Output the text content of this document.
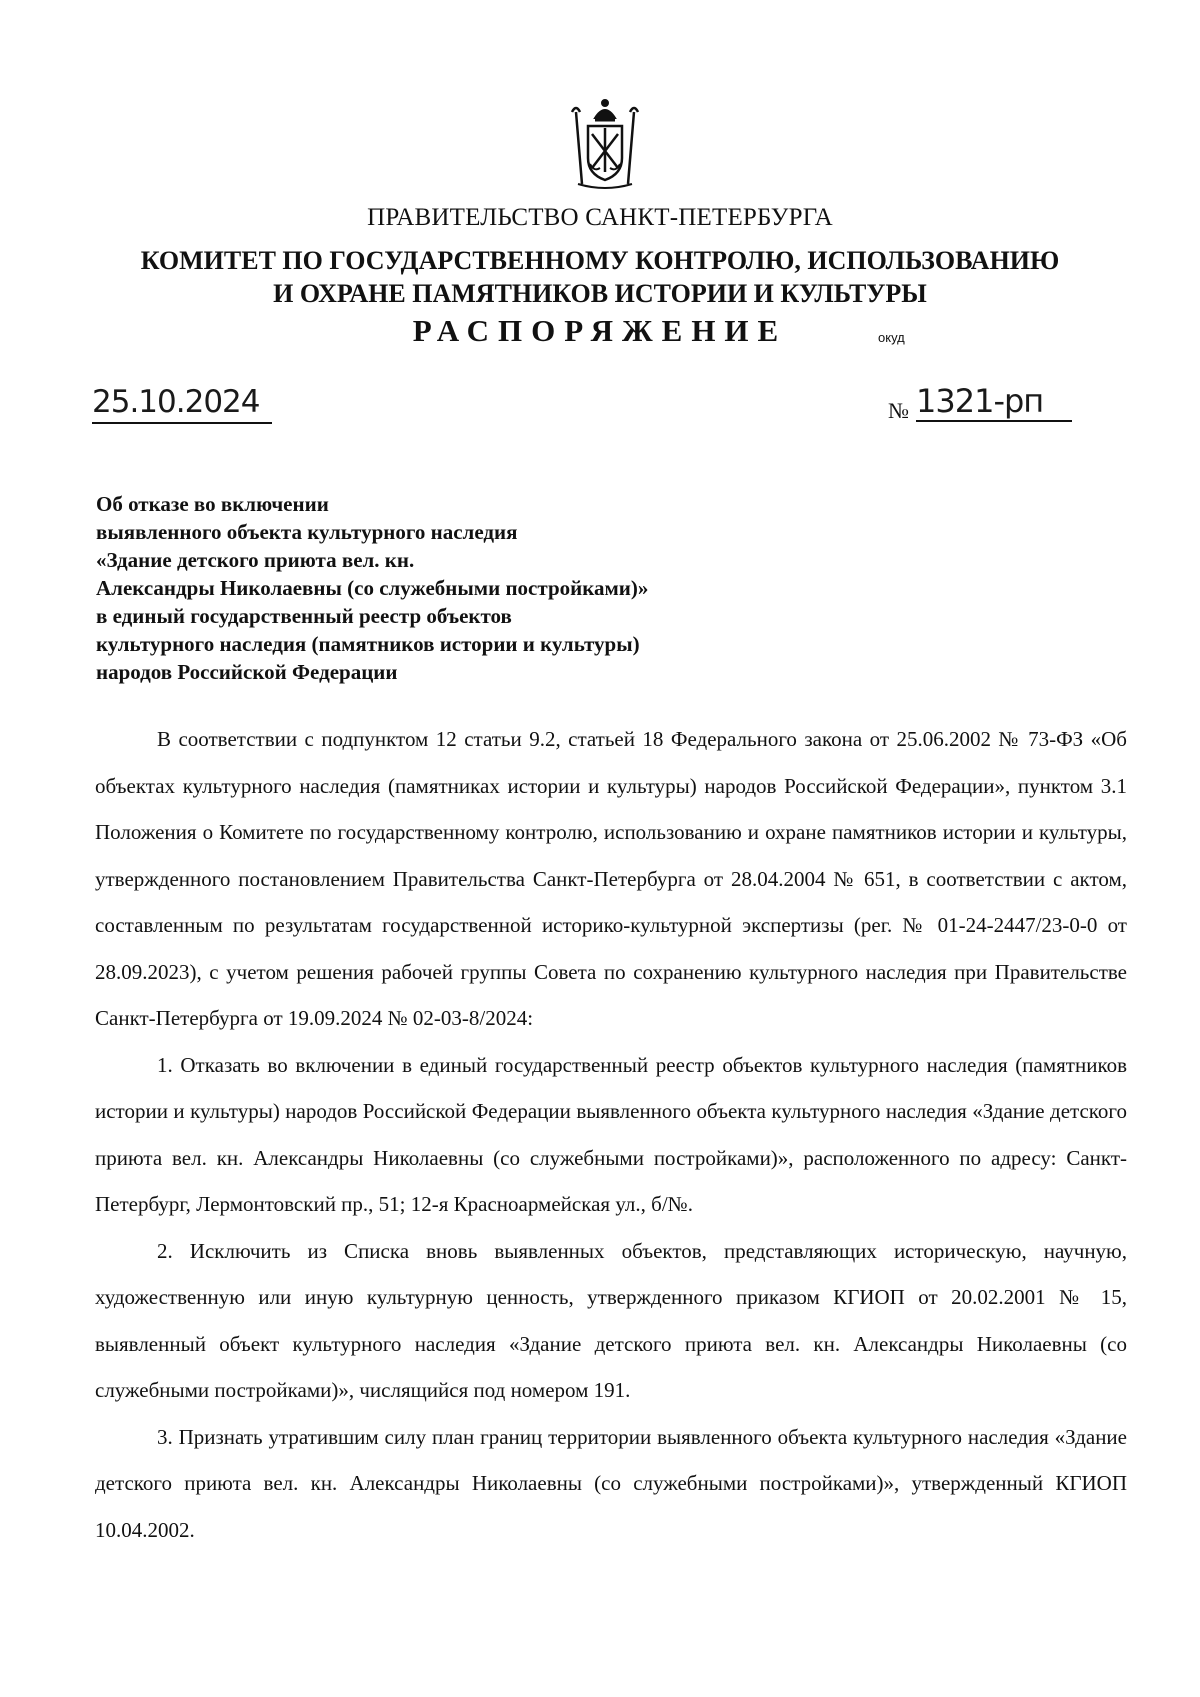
ПРАВИТЕЛЬСТВО САНКТ-ПЕТЕРБУРГА
КОМИТЕТ ПО ГОСУДАРСТВЕННОМУ КОНТРОЛЮ, ИСПОЛЬЗОВАНИЮ
И ОХРАНЕ ПАМЯТНИКОВ ИСТОРИИ И КУЛЬТУРЫ
РАСПОРЯЖЕНИЕ	окуд
25.10.2024	№ 1321-рп
Об отказе во включении
выявленного объекта культурного наследия
«Здание детского приюта вел. кн.
Александры Николаевны (со служебными постройками)»
в единый государственный реестр объектов
культурного наследия (памятников истории и культуры)
народов Российской Федерации

В соответствии с подпунктом 12 статьи 9.2, статьей 18 Федерального закона от 25.06.2002 № 73-ФЗ «Об объектах культурного наследия (памятниках истории и культуры) народов Российской Федерации», пунктом 3.1 Положения о Комитете по государственному контролю, использованию и охране памятников истории и культуры, утвержденного постановлением Правительства Санкт-Петербурга от 28.04.2004 № 651, в соответствии с актом, составленным по результатам государственной историко-культурной экспертизы (рег. № 01-24-2447/23-0-0 от 28.09.2023), с учетом решения рабочей группы Совета по сохранению культурного наследия при Правительстве Санкт-Петербурга от 19.09.2024 № 02-03-8/2024:

1. Отказать во включении в единый государственный реестр объектов культурного наследия (памятников истории и культуры) народов Российской Федерации выявленного объекта культурного наследия «Здание детского приюта вел. кн. Александры Николаевны (со служебными постройками)», расположенного по адресу: Санкт-Петербург, Лермонтовский пр., 51; 12-я Красноармейская ул., б/№.

2. Исключить из Списка вновь выявленных объектов, представляющих историческую, научную, художественную или иную культурную ценность, утвержденного приказом КГИОП от 20.02.2001 № 15, выявленный объект культурного наследия «Здание детского приюта вел. кн. Александры Николаевны (со служебными постройками)», числящийся под номером 191.

3. Признать утратившим силу план границ территории выявленного объекта культурного наследия «Здание детского приюта вел. кн. Александры Николаевны (со служебными постройками)», утвержденный КГИОП 10.04.2002.
